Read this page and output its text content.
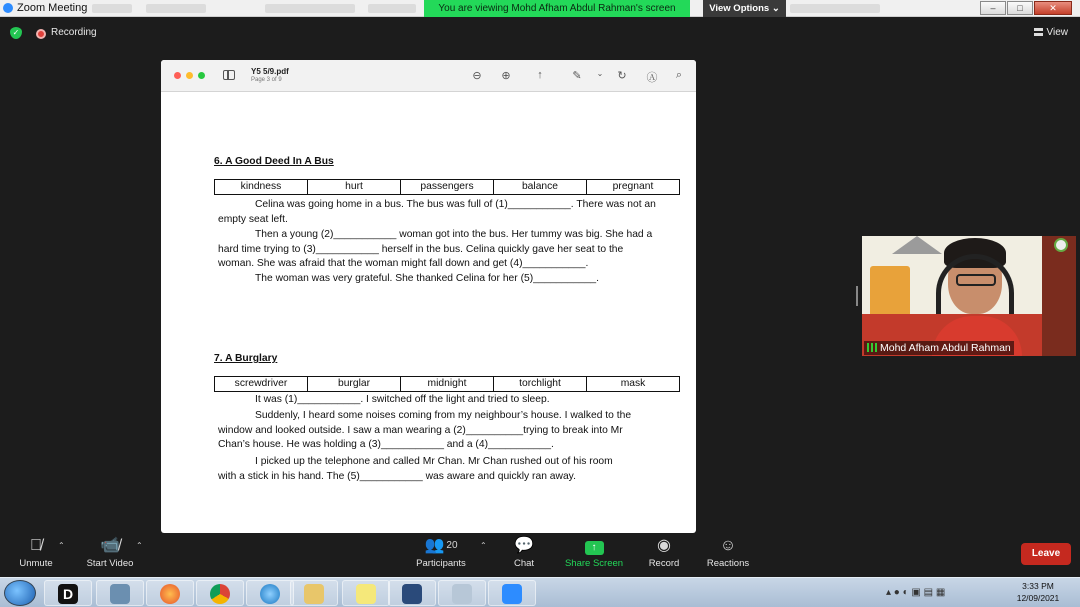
Zoom Meeting	You are viewing Mohd Afham Abdul Rahman's screen	View Options ⌄	–	□	✕
✓	Recording	View
Y5 5/9.pdf
Page 3 of 9	⊖ ⊕	↑	✎	⌄	↻ Ⓐ	⌕
6. A Good Deed In A Bus
kindness	hurt	passengers	balance	pregnant
Celina was going home in a bus. The bus was full of (1)___________. There was not an
empty seat left.
Then a young (2)___________ woman got into the bus. Her tummy was big. She had a
hard time trying to (3)___________ herself in the bus. Celina quickly gave her seat to the
woman. She was afraid that the woman might fall down and get (4)___________.
The woman was very grateful. She thanked Celina for her (5)___________.
7. A Burglary
screwdriver	burglar	midnight	torchlight	mask
It was (1)___________. I switched off the light and tried to sleep.
Suddenly, I heard some noises coming from my neighbour’s house. I walked to the
window and looked outside. I saw a man wearing a (2)__________trying to break into Mr
Chan’s house. He was holding a (3)___________ and a (4)___________.
I picked up the telephone and called Mr Chan. Mr Chan rushed out of his room
with a stick in his hand. The (5)___________ was aware and quickly ran away.
Mohd Afham Abdul Rahman
🎙̸
Unmute
⌃	📹̸
Start Video
⌃	👥 $^{20}$
Participants
⌃	💬
Chat
↑
Share Screen
◉
Record
☺
Reactions
Leave
D	▴ ● ◐ ▣ ▤ ▦
3:33 PM
12/09/2021
